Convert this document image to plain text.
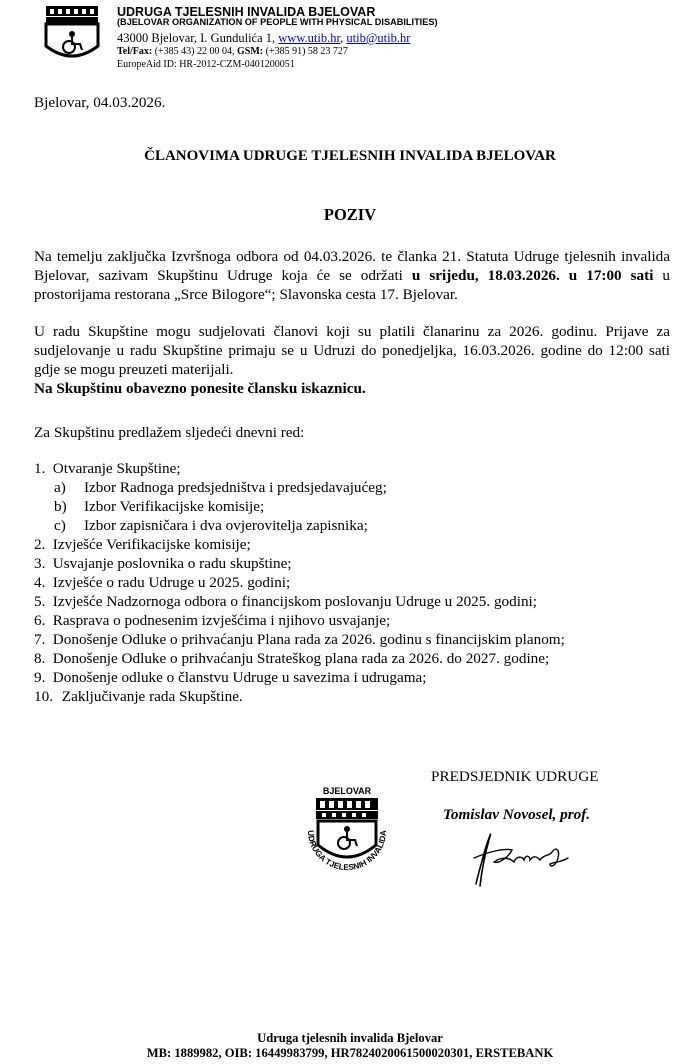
UDRUGA TJELESNIH INVALIDA BJELOVAR
(BJELOVAR ORGANIZATION OF PEOPLE WITH PHYSICAL DISABILITIES)
43000 Bjelovar, I. Gundulića 1, www.utib.hr, utib@utib.hr
Tel/Fax: (+385 43) 22 00 04, GSM: (+385 91) 58 23 727
EuropeAid ID: HR-2012-CZM-0401200051
Bjelovar, 04.03.2026.
ČLANOVIMA UDRUGE TJELESNIH INVALIDA BJELOVAR
POZIV
Na temelju zaključka Izvršnoga odbora od 04.03.2026. te članka 21. Statuta Udruge tjelesnih invalida Bjelovar, sazivam Skupštinu Udruge koja će se održati u srijedu, 18.03.2026. u 17:00 sati u prostorijama restorana „Srce Bilogore“; Slavonska cesta 17. Bjelovar.
U radu Skupštine mogu sudjelovati članovi koji su platili članarinu za 2026. godinu. Prijave za sudjelovanje u radu Skupštine primaju se u Udruzi do ponedjeljka, 16.03.2026. godine do 12:00 sati gdje se mogu preuzeti materijali.
Na Skupštinu obavezno ponesite člansku iskaznicu.
Za Skupštinu predlažem sljedeći dnevni red:
1. Otvaranje Skupštine;
a) Izbor Radnoga predsjedništva i predsjedavajućeg;
b) Izbor Verifikacijske komisije;
c) Izbor zapisničara i dva ovjerovitelja zapisnika;
2. Izvješće Verifikacijske komisije;
3. Usvajanje poslovnika o radu skupštine;
4. Izvješće o radu Udruge u 2025. godini;
5. Izvješće Nadzornoga odbora o financijskom poslovanju Udruge u 2025. godini;
6. Rasprava o podnesenim izvješćima i njihovo usvajanje;
7. Donošenje Odluke o prihvaćanju Plana rada za 2026. godinu s financijskim planom;
8. Donošenje Odluke o prihvaćanju Strateškog plana rada za 2026. do 2027. godine;
9. Donošenje odluke o članstvu Udruge u savezima i udrugama;
10. Zaključivanje rada Skupštine.
PREDSJEDNIK UDRUGE
Tomislav Novosel, prof.
BJELOVAR
UDRUGA TJELESNIH INVALIDA
Udruga tjelesnih invalida Bjelovar
MB: 1889982, OIB: 16449983799, HR7824020061500020301, ERSTEBANK
